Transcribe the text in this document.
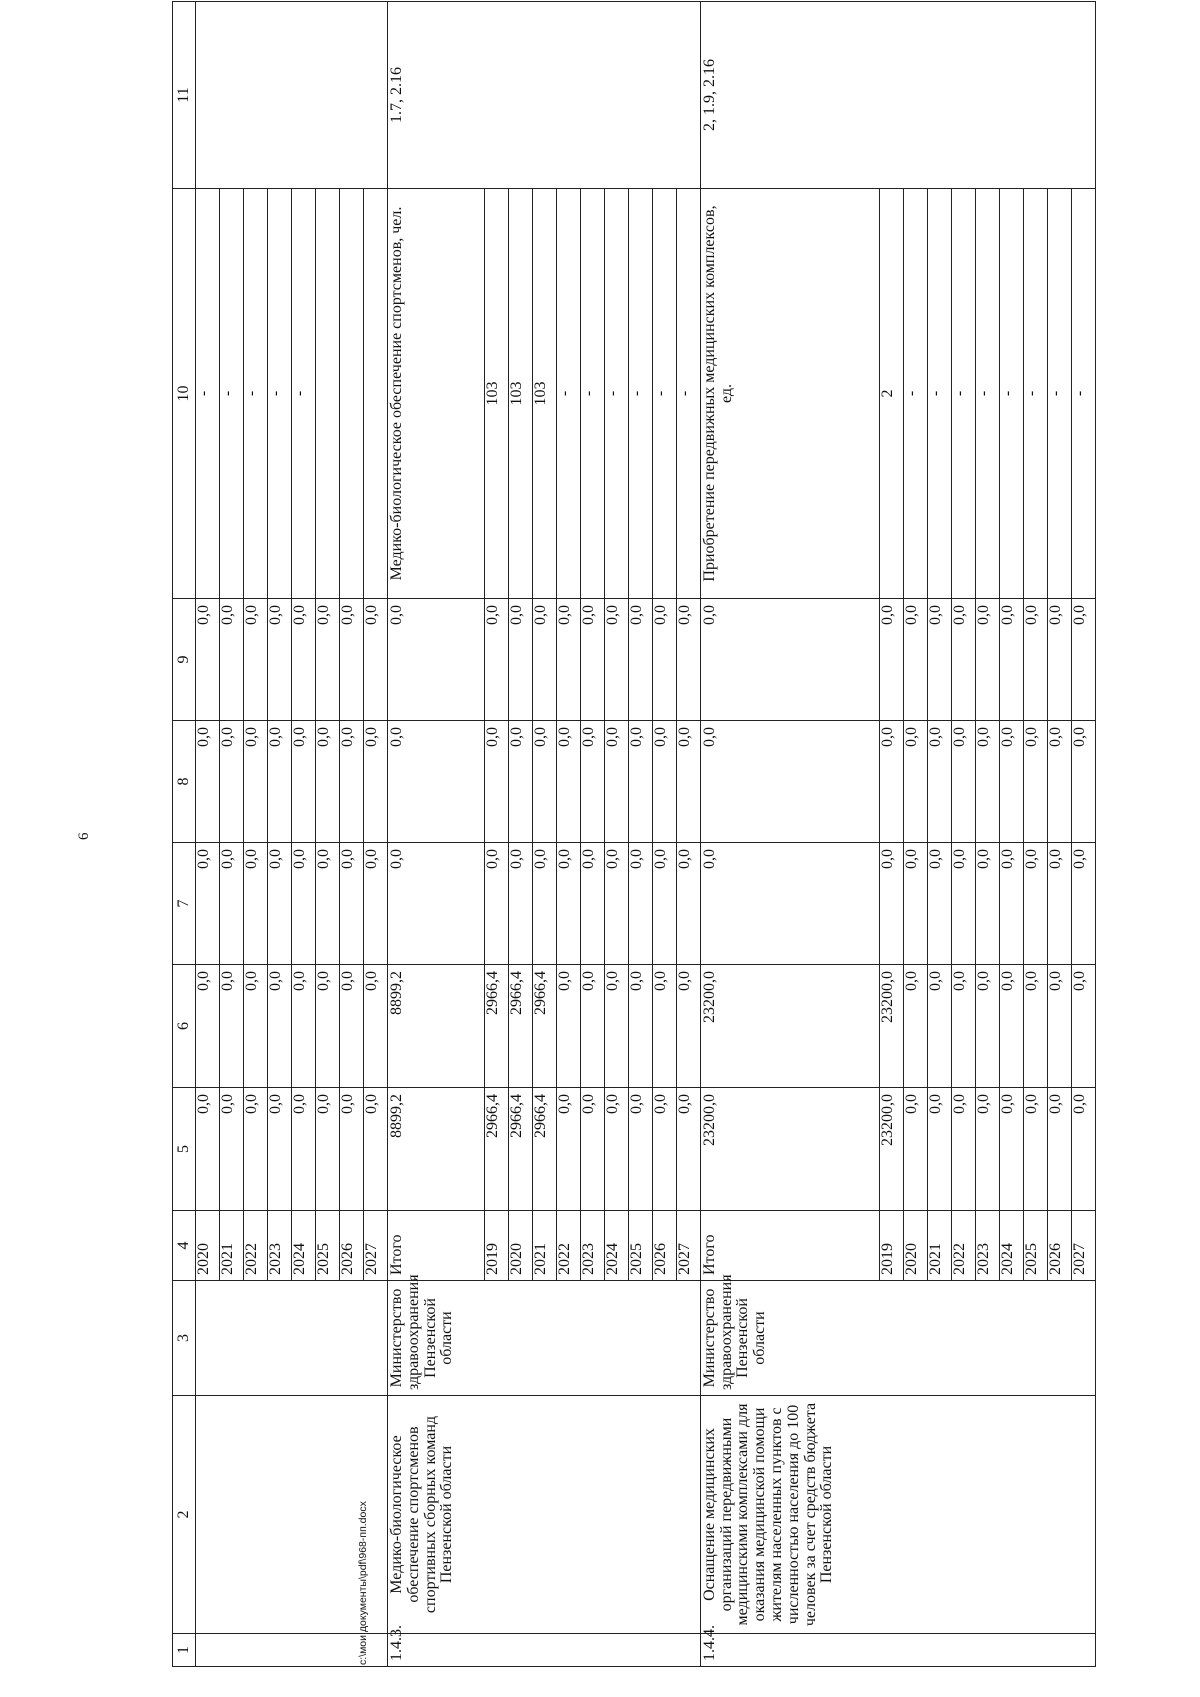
6
1	2	3	4	5	6	7	8	9	10	11
			2020	0,0	0,0	0,0	0,0	0,0	-	
			2021	0,0	0,0	0,0	0,0	0,0	-	
			2022	0,0	0,0	0,0	0,0	0,0	-	
			2023	0,0	0,0	0,0	0,0	0,0	-	
			2024	0,0	0,0	0,0	0,0	0,0	-	
			2025	0,0	0,0	0,0	0,0	0,0		
			2026	0,0	0,0	0,0	0,0	0,0		
			2027	0,0	0,0	0,0	0,0	0,0		
1.4.3.	Медико-биологическое обеспечение спортсменов спортивных сборных команд Пензенской области	Министерство здравоохранения Пензенской области	Итого	8899,2	8899,2	0,0	0,0	0,0	Медико-биологическое обеспечение спортсменов, чел.	1.7, 2.16
			2019	2966,4	2966,4	0,0	0,0	0,0	103	
			2020	2966,4	2966,4	0,0	0,0	0,0	103	
			2021	2966,4	2966,4	0,0	0,0	0,0	103	
			2022	0,0	0,0	0,0	0,0	0,0	-	
			2023	0,0	0,0	0,0	0,0	0,0	-	
			2024	0,0	0,0	0,0	0,0	0,0	-	
			2025	0,0	0,0	0,0	0,0	0,0	-	
			2026	0,0	0,0	0,0	0,0	0,0	-	
			2027	0,0	0,0	0,0	0,0	0,0	-	
1.4.4.	Оснащение медицинских организаций передвижными медицинскими комплексами для оказания медицинской помощи жителям населенных пунктов с численностью населения до 100 человек за счет средств бюджета Пензенской области	Министерство здравоохранения Пензенской области	Итого	23200,0	23200,0	0,0	0,0	0,0	Приобретение передвижных медицинских комплексов, ед.	2, 1.9, 2.16
			2019	23200,0	23200,0	0,0	0,0	0,0	2	
			2020	0,0	0,0	0,0	0,0	0,0	-	
			2021	0,0	0,0	0,0	0,0	0,0	-	
			2022	0,0	0,0	0,0	0,0	0,0	-	
			2023	0,0	0,0	0,0	0,0	0,0	-	
			2024	0,0	0,0	0,0	0,0	0,0	-	
			2025	0,0	0,0	0,0	0,0	0,0	-	
			2026	0,0	0,0	0,0	0,0	0,0	-	
			2027	0,0	0,0	0,0	0,0	0,0	-	
c:\мои документы\pdf\968-пп.docx
